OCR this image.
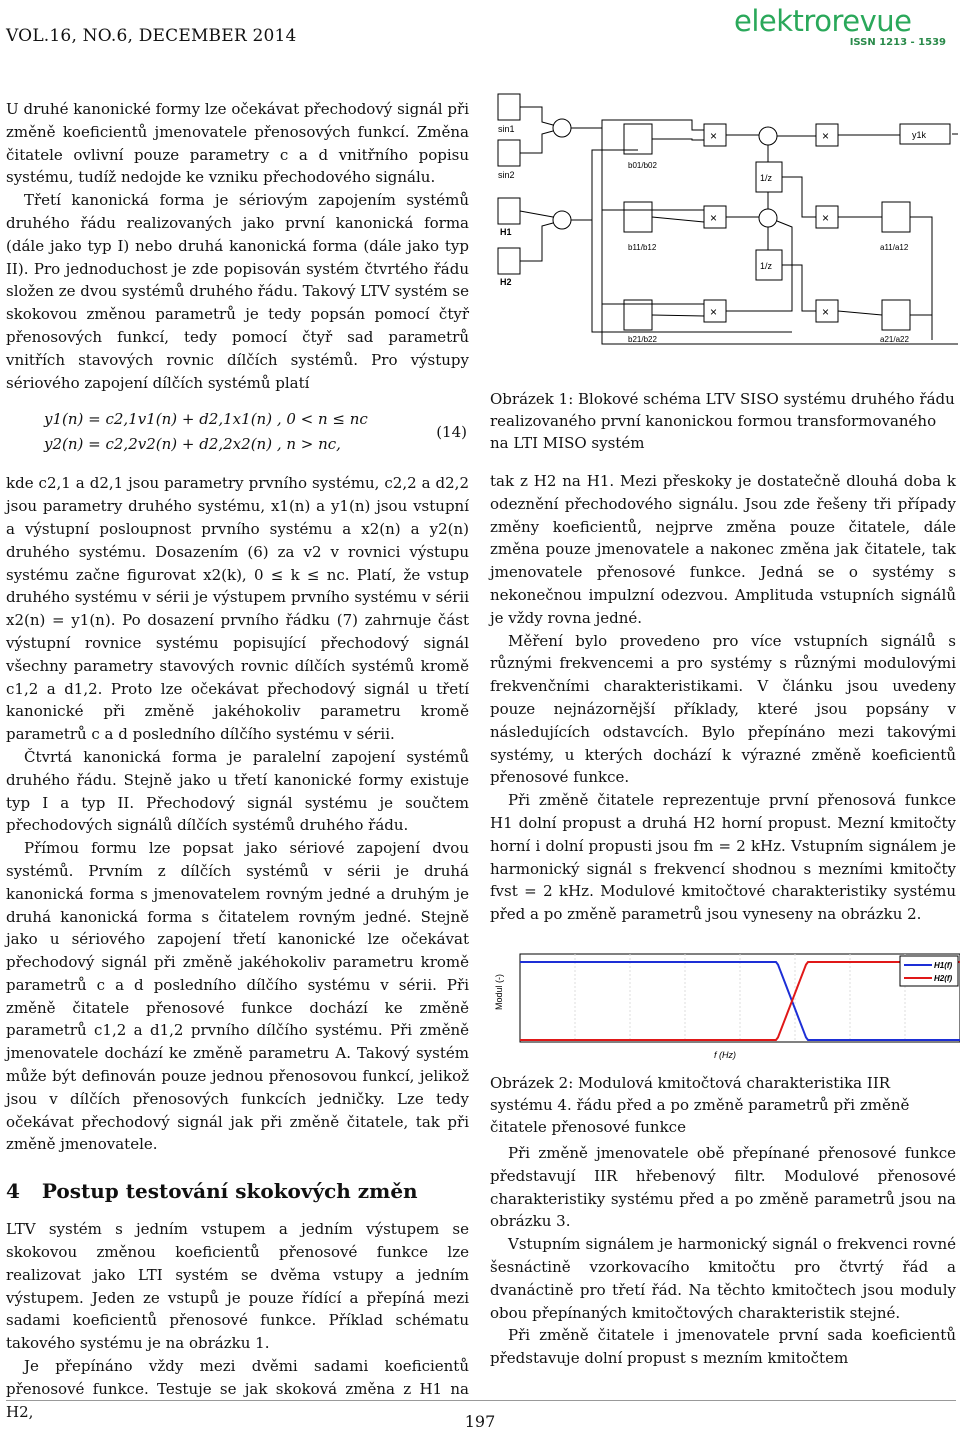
VOL.16, NO.6, DECEMBER 2014	elektrorevue
ISSN 1213 - 1539

U druhé kanonické formy lze očekávat přechodový signál při změně koeficientů jmenovatele přenosových funkcí. Změna čitatele ovlivní pouze parametry c a d vnitřního popisu systému, tudíž nedojde ke vzniku přechodového signálu.

Třetí kanonická forma je sériovým zapojením systémů druhého řádu realizovaných jako první kanonická forma (dále jako typ I) nebo druhá kanonická forma (dále jako typ II). Pro jednoduchost je zde popisován systém čtvrtého řádu složen ze dvou systémů druhého řádu. Takový LTV systém se skokovou změnou parametrů je tedy popsán pomocí čtyř přenosových funkcí, tedy pomocí čtyř sad parametrů vnitřích stavových rovnic dílčích systémů. Pro výstupy sériového zapojení dílčích systémů platí

y1(n) = c2,1v1(n) + d2,1x1(n) , 0 < n ≤ nc
y2(n) = c2,2v2(n) + d2,2x2(n) , n > nc,
(14)

kde c2,1 a d2,1 jsou parametry prvního systému, c2,2 a d2,2 jsou parametry druhého systému, x1(n) a y1(n) jsou vstupní a výstupní posloupnost prvního systému a x2(n) a y2(n) druhého systému. Dosazením (6) za v2 v rovnici výstupu systému začne figurovat x2(k), 0 ≤ k ≤ nc. Platí, že vstup druhého systému v sérii je výstupem prvního systému v sérii x2(n) = y1(n). Po dosazení prvního řádku (7) zahrnuje část výstupní rovnice systému popisující přechodový signál všechny parametry stavových rovnic dílčích systémů kromě c1,2 a d1,2. Proto lze očekávat přechodový signál u třetí kanonické při změně jakéhokoliv parametru kromě parametrů c a d posledního dílčího systému v sérii.

Čtvrtá kanonická forma je paralelní zapojení systémů druhého řádu. Stejně jako u třetí kanonické formy existuje typ I a typ II. Přechodový signál systému je součtem přechodových signálů dílčích systémů druhého řádu.

Přímou formu lze popsat jako sériové zapojení dvou systémů. Prvním z dílčích systémů v sérii je druhá kanonická forma s jmenovatelem rovným jedné a druhým je druhá kanonická forma s čitatelem rovným jedné. Stejně jako u sériového zapojení třetí kanonické lze očekávat přechodový signál při změně jakéhokoliv parametru kromě parametrů c a d posledního dílčího systému v sérii. Při změně čitatele přenosové funkce dochází ke změně parametrů c1,2 a d1,2 prvního dílčího systému. Při změně jmenovatele dochází ke změně parametru A. Takový systém může být definován pouze jednou přenosovou funkcí, jelikož jsou v dílčích přenosových funkcích jedničky. Lze tedy očekávat přechodový signál jak při změně čitatele, tak při změně jmenovatele.

4 Postup testování skokových změn

LTV systém s jedním vstupem a jedním výstupem se skokovou změnou koeficientů přenosové funkce lze realizovat jako LTI systém se dvěma vstupy a jedním výstupem. Jeden ze vstupů je pouze řídící a přepíná mezi sadami koeficientů přenosové funkce. Příklad schématu takového systému je na obrázku 1.

Je přepínáno vždy mezi dvěmi sadami koeficientů přenosové funkce. Testuje se jak skoková změna z H1 na H2,

sin1
sin2
H1
H2
b01/b02
b11/b12
b21/b22
a11/a12
a21/a22
y1k
1/z
1/z
×
×
×
×
×
×
Obrázek 1: Blokové schéma LTV SISO systému druhého řádu realizovaného první kanonickou formou transformovaného na LTI MISO systém

tak z H2 na H1. Mezi přeskoky je dostatečně dlouhá doba k odeznění přechodového signálu. Jsou zde řešeny tři případy změny koeficientů, nejprve změna pouze čitatele, dále změna pouze jmenovatele a nakonec změna jak čitatele, tak jmenovatele přenosové funkce. Jedná se o systémy s nekonečnou impulzní odezvou. Amplituda vstupních signálů je vždy rovna jedné.

Měření bylo provedeno pro více vstupních signálů s různými frekvencemi a pro systémy s různými modulovými frekvenčními charakteristikami. V článku jsou uvedeny pouze nejnázornější příklady, které jsou popsány v následujících odstavcích. Bylo přepínáno mezi takovými systémy, u kterých dochází k výrazné změně koeficientů přenosové funkce.

Při změně čitatele reprezentuje první přenosová funkce H1 dolní propust a druhá H2 horní propust. Mezní kmitočty horní i dolní propusti jsou fm = 2 kHz. Vstupním signálem je harmonický signál s frekvencí shodnou s mezními kmitočty fvst = 2 kHz. Modulové kmitočtové charakteristiky systému před a po změně parametrů jsou vyneseny na obrázku 2.

Modul (-)
f (Hz)
H1(f)
H2(f)
Obrázek 2: Modulová kmitočtová charakteristika IIR systému 4. řádu před a po změně parametrů při změně čitatele přenosové funkce

Při změně jmenovatele obě přepínané přenosové funkce představují IIR hřebenový filtr. Modulové přenosové charakteristiky systému před a po změně parametrů jsou na obrázku 3.

Vstupním signálem je harmonický signál o frekvenci rovné šesnáctině vzorkovacího kmitočtu pro čtvrtý řád a dvanáctině pro třetí řád. Na těchto kmitočtech jsou moduly obou přepínaných kmitočtových charakteristik stejné.

Při změně čitatele i jmenovatele první sada koeficientů představuje dolní propust s mezním kmitočtem

197
